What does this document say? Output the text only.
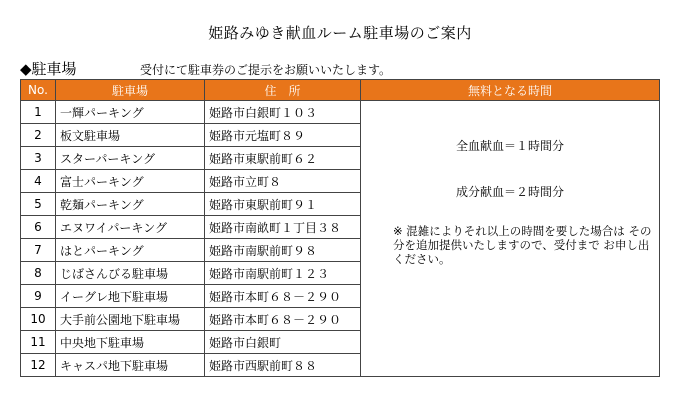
姫路みゆき献血ルーム駐車場のご案内
◆駐車場	受付にて駐車券のご提示をお願いいたします。
No.	駐車場	住　所	無料となる時間
1	一輝パーキング	姫路市白銀町１０３	全血献血＝１時間分
成分献血＝２時間分
※ 混雑によりそれ以上の時間を要した場合は その分を追加提供いたしますので、受付まで お申し出ください。

2	板文駐車場	姫路市元塩町８９	
3	スターパーキング	姫路市東駅前町６２	
4	富士パーキング	姫路市立町８	
5	乾麺パーキング	姫路市東駅前町９１	
6	エヌワイパーキング	姫路市南畝町１丁目３８	
7	はとパーキング	姫路市南駅前町９８	
8	じばさんびる駐車場	姫路市南駅前町１２３	
9	イーグレ地下駐車場	姫路市本町６８－２９０	
10	大手前公園地下駐車場	姫路市本町６８－２９０	
11	中央地下駐車場	姫路市白銀町	
12	キャスパ地下駐車場	姫路市西駅前町８８	
